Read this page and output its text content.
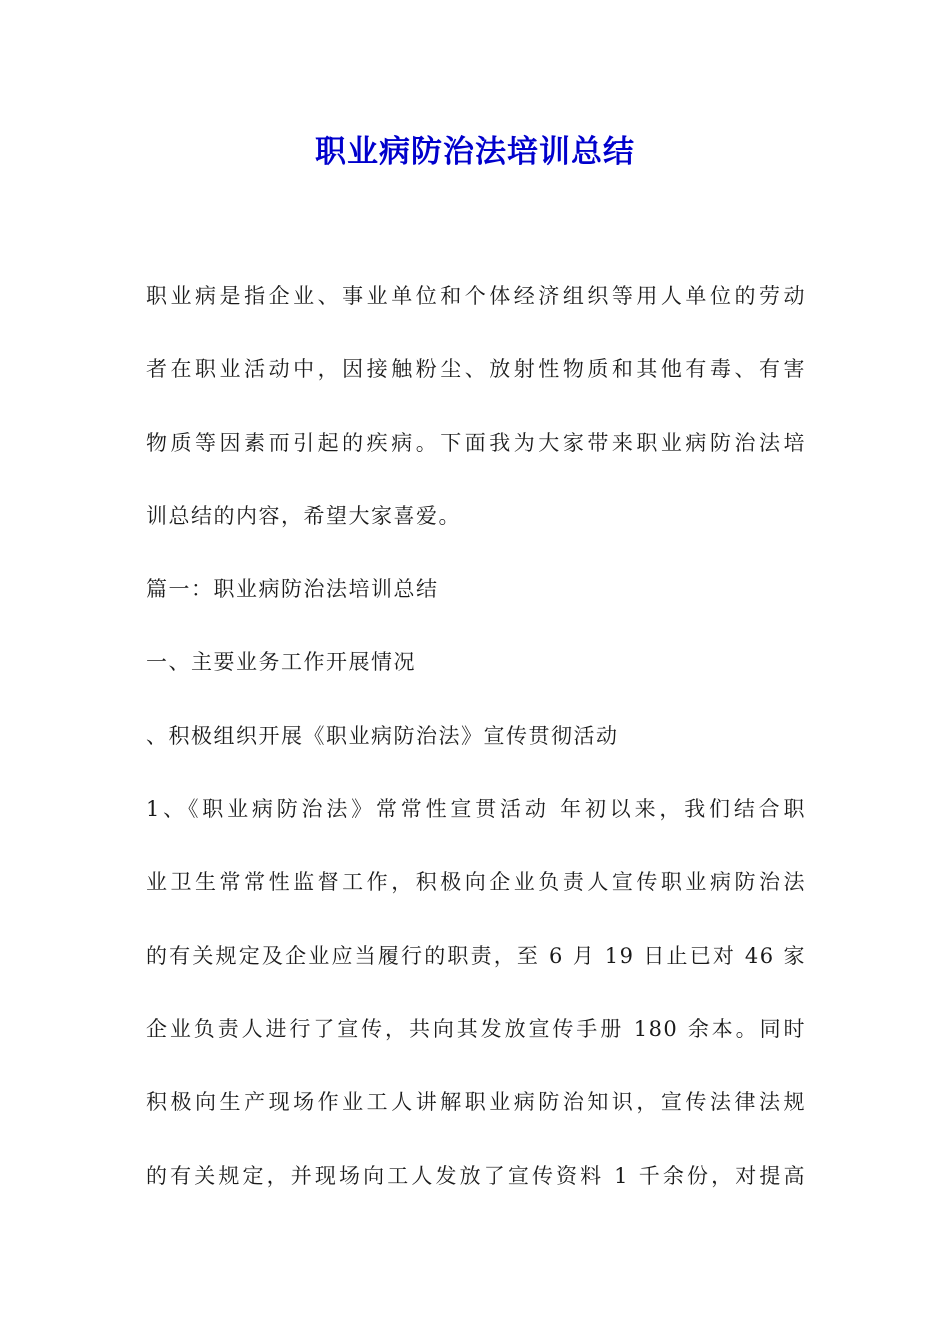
职业病防治法培训总结

职业病是指企业、事业单位和个体经济组织等用人单位的劳动
者在职业活动中，因接触粉尘、放射性物质和其他有毒、有害
物质等因素而引起的疾病。下面我为大家带来职业病防治法培
训总结的内容，希望大家喜爱。

篇一：职业病防治法培训总结

一、主要业务工作开展情况

、积极组织开展《职业病防治法》宣传贯彻活动

1、《职业病防治法》常常性宣贯活动 年初以来，我们结合职
业卫生常常性监督工作，积极向企业负责人宣传职业病防治法
的有关规定及企业应当履行的职责，至 6 月 19 日止已对 46 家
企业负责人进行了宣传，共向其发放宣传手册 180 余本。同时
积极向生产现场作业工人讲解职业病防治知识，宣传法律法规
的有关规定，并现场向工人发放了宣传资料 1 千余份，对提高
